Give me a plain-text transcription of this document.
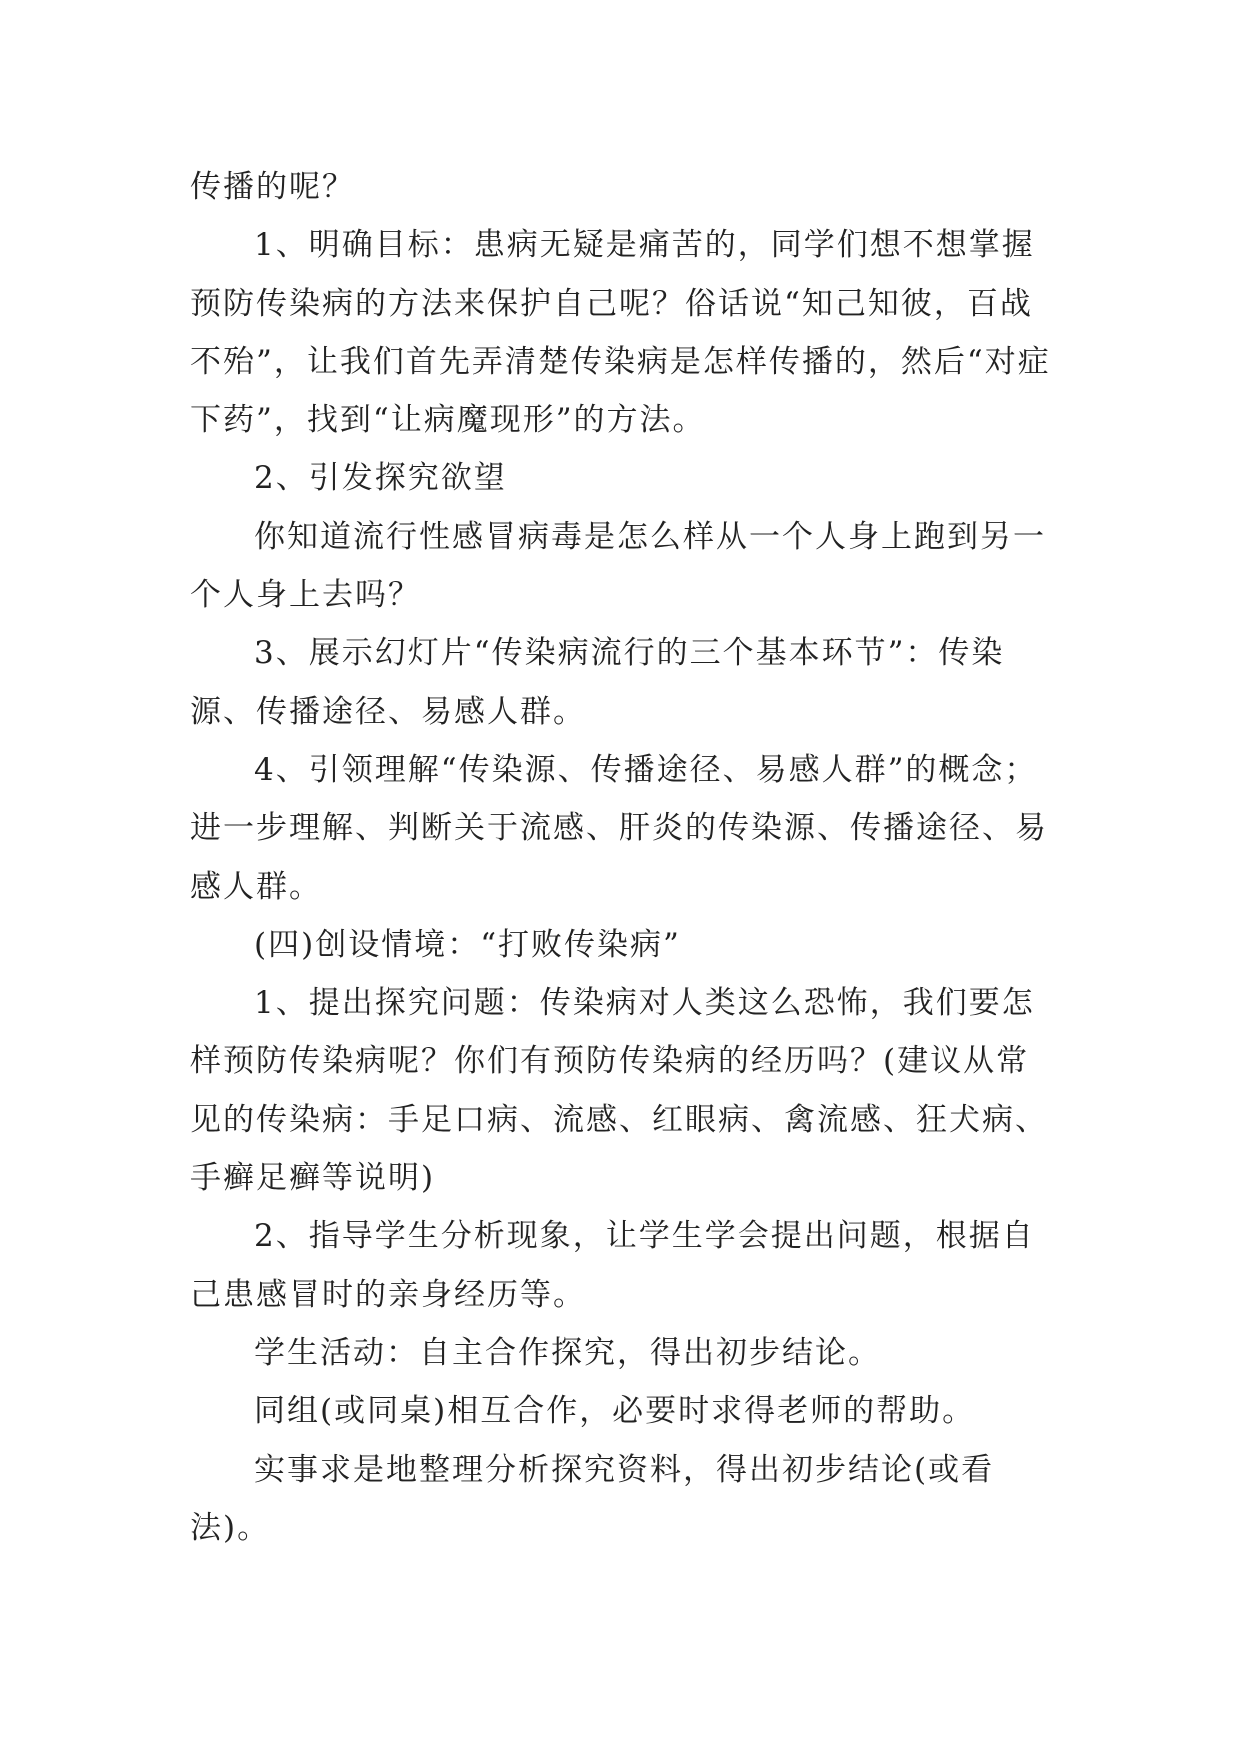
传播的呢？

1、明确目标：患病无疑是痛苦的，同学们想不想掌握预防传染病的方法来保护自己呢？俗话说“知己知彼，百战不殆”，让我们首先弄清楚传染病是怎样传播的，然后“对症下药”，找到“让病魔现形”的方法。

2、引发探究欲望

你知道流行性感冒病毒是怎么样从一个人身上跑到另一个人身上去吗？

3、展示幻灯片“传染病流行的三个基本环节”：传染源、传播途径、易感人群。

4、引领理解“传染源、传播途径、易感人群”的概念；进一步理解、判断关于流感、肝炎的传染源、传播途径、易感人群。

(四)创设情境：“打败传染病”

1、提出探究问题：传染病对人类这么恐怖，我们要怎样预防传染病呢？你们有预防传染病的经历吗？(建议从常见的传染病：手足口病、流感、红眼病、禽流感、狂犬病、手癣足癣等说明)

2、指导学生分析现象，让学生学会提出问题，根据自己患感冒时的亲身经历等。

学生活动：自主合作探究，得出初步结论。

同组(或同桌)相互合作，必要时求得老师的帮助。

实事求是地整理分析探究资料，得出初步结论(或看法)。
